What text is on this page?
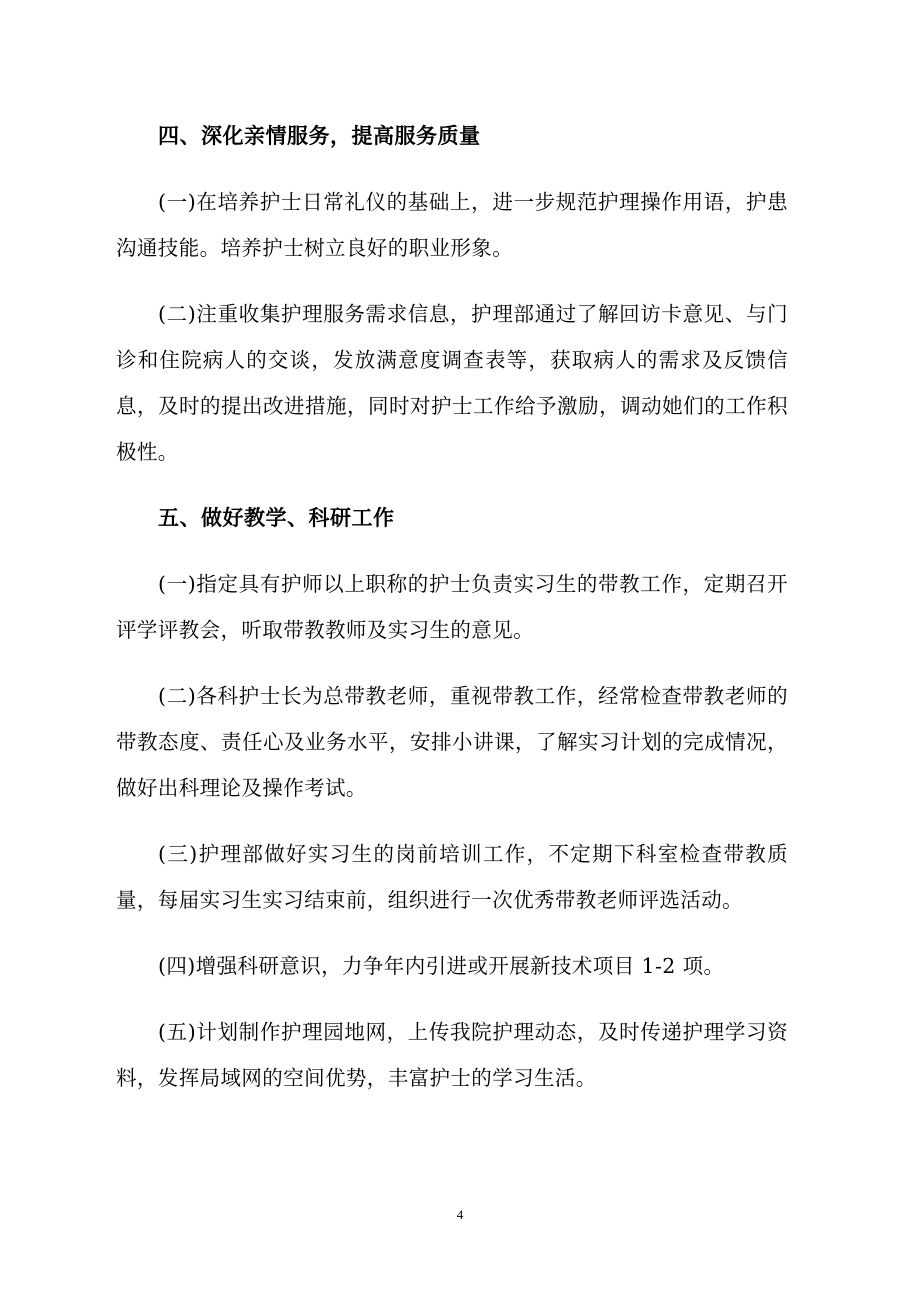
四、深化亲情服务，提高服务质量

(一)在培养护士日常礼仪的基础上，进一步规范护理操作用语，护患沟通技能。培养护士树立良好的职业形象。

(二)注重收集护理服务需求信息，护理部通过了解回访卡意见、与门诊和住院病人的交谈，发放满意度调查表等，获取病人的需求及反馈信息，及时的提出改进措施，同时对护士工作给予激励，调动她们的工作积极性。

五、做好教学、科研工作

(一)指定具有护师以上职称的护士负责实习生的带教工作，定期召开评学评教会，听取带教教师及实习生的意见。

(二)各科护士长为总带教老师，重视带教工作，经常检查带教老师的带教态度、责任心及业务水平，安排小讲课，了解实习计划的完成情况，做好出科理论及操作考试。

(三)护理部做好实习生的岗前培训工作，不定期下科室检查带教质量，每届实习生实习结束前，组织进行一次优秀带教老师评选活动。

(四)增强科研意识，力争年内引进或开展新技术项目 1-2 项。

(五)计划制作护理园地网，上传我院护理动态，及时传递护理学习资料，发挥局域网的空间优势，丰富护士的学习生活。

4
